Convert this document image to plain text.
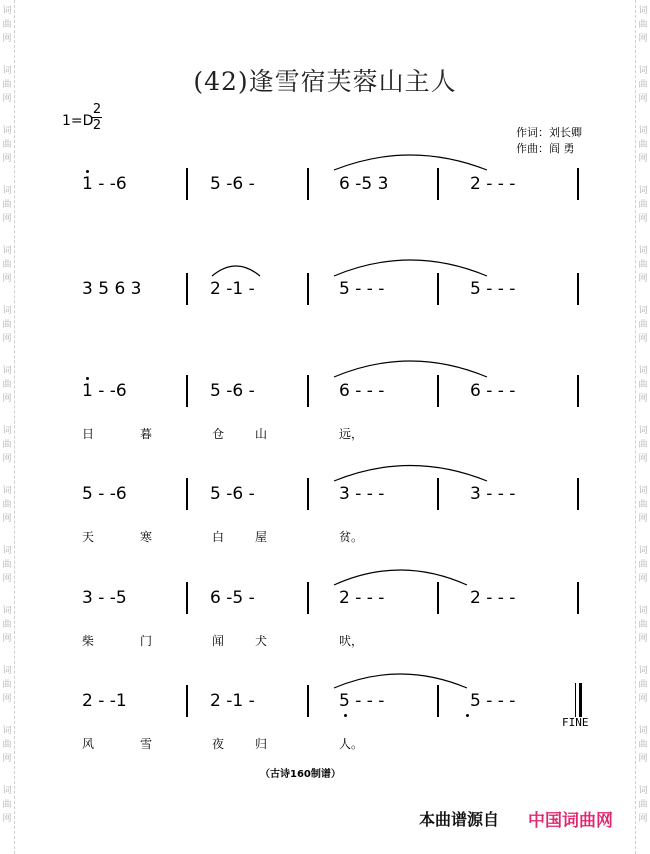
词
曲
网
词
曲
网
词
曲
网
词
曲
网
词
曲
网
词
曲
网
词
曲
网
词
曲
网
词
曲
网
词
曲
网
词
曲
网
词
曲
网
词
曲
网
词
曲
网
词
曲
网
词
曲
网
词
曲
网
词
曲
网
词
曲
网
词
曲
网
词
曲
网
词
曲
网
词
曲
网
词
曲
网
词
曲
网
词
曲
网
词
曲
网
词
曲
网
(42)逢雪宿芙蓉山主人
1=D
2
2	作词：刘长卿
作曲：阎 勇
1 - -6	5 -6 -	6 -5 3	2 - - -
3 5 6 3	2 -1 -	5 - - -	5 - - -
1 - -6	5 -6 -	6 - - -	6 - - -
日	暮	仓	山	远，
5 - -6	5 -6 -	3 - - -	3 - - -
天	寒	白	屋	贫。
3 - -5	6 -5 -	2 - - -	2 - - -
柴	门	闻	犬	吠，
2 - -1	2 -1 -	5 - - -	5 - - -
风	雪	夜	归	人。
FINE
（古诗160制谱）
本曲谱源自 中国词曲网
